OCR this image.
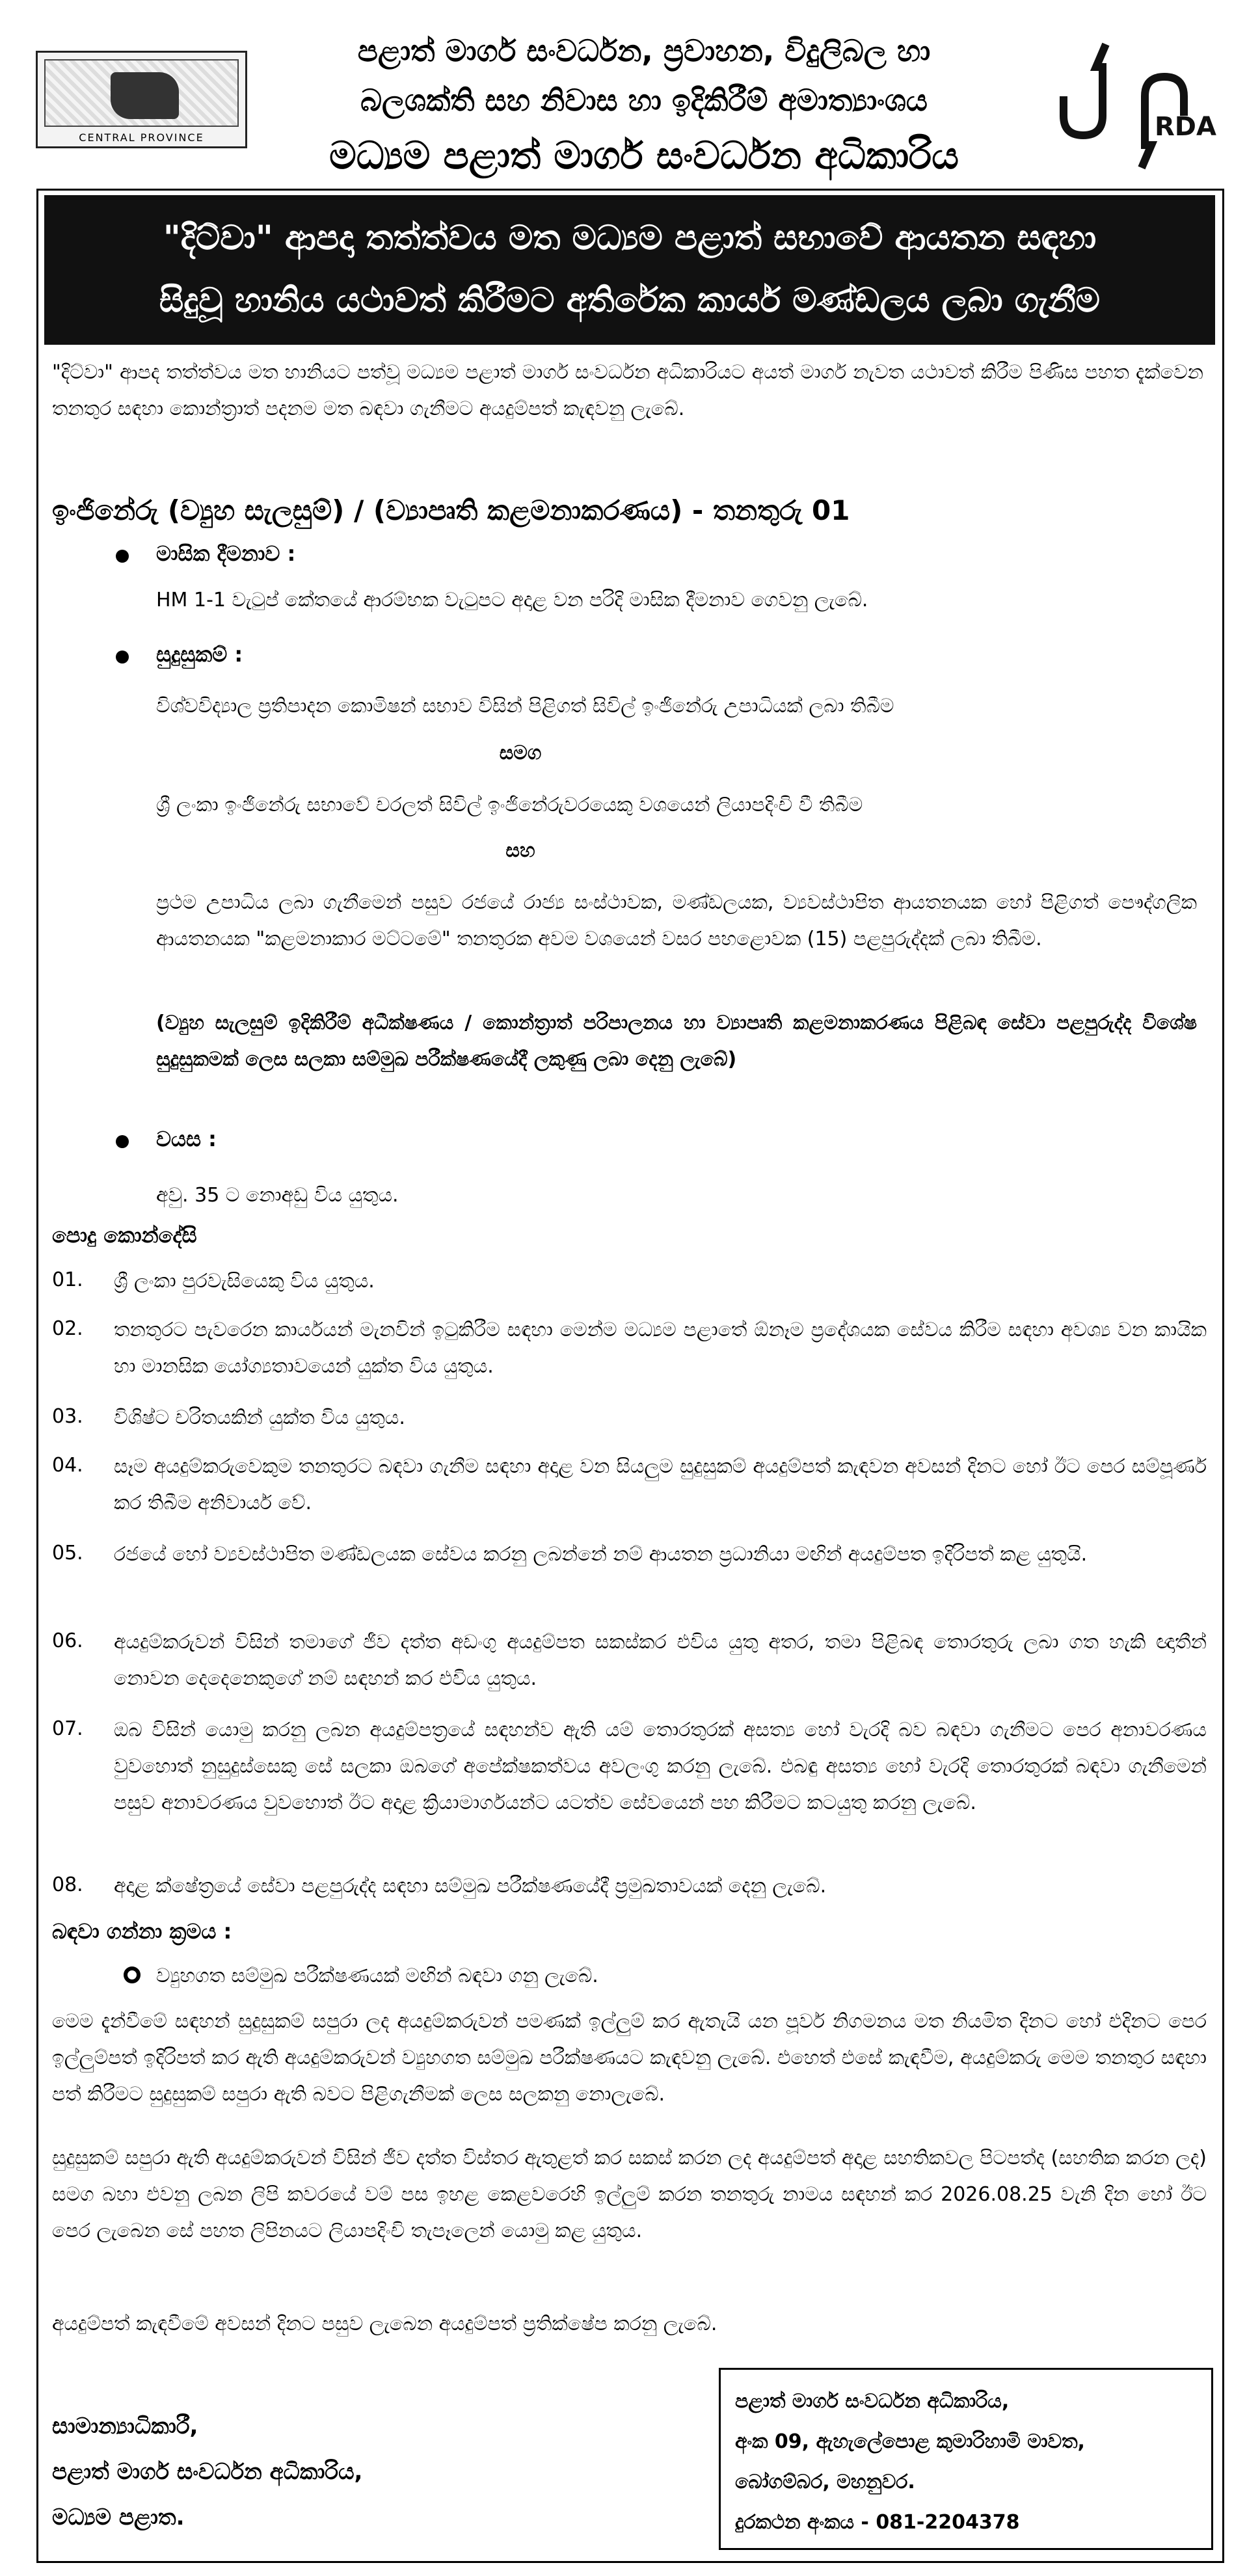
CENTRAL PROVINCE
පළාත් මාර්ග සංවර්ධන, ප්‍රවාහන, විදුලිබල හා
බලශක්ති සහ නිවාස හා ඉදිකිරීම් අමාත්‍යාංශය
මධ්‍යම පළාත් මාර්ග සංවර්ධන අධිකාරිය
RDA
"දිට්වා" ආපදා තත්ත්වය මත මධ්‍යම පළාත් සභාවේ ආයතන සඳහා
සිදුවූ හානිය යථාවත් කිරීමට අතිරේක කාර්ය මණ්ඩලය ලබා ගැනීම
"දිට්වා" ආපද තත්ත්වය මත හානියට පත්වූ මධ්‍යම පළාත් මාර්ග සංවර්ධන අධිකාරියට අයත් මාර්ග නැවත යථාවත් කිරීම පිණිස පහත දැක්වෙන තනතුර සඳහා කොන්ත්‍රාත් පදනම මත බඳවා ගැනීමට අයදුම්පත් කැඳවනු ලැබේ.
ඉංජිනේරු (ව්‍යුහ සැලසුම්) / (ව්‍යාපෘති කළමනාකරණය) - තනතුරු 01
මාසික දීමනාව :
HM 1-1 වැටුප් කේතයේ ආරම්භක වැටුපට අදාළ වන පරිදි මාසික දීමනාව ගෙවනු ලැබේ.
සුදුසුකම් :
විශ්වවිද්‍යාල ප්‍රතිපාදන කොමිෂන් සභාව විසින් පිළිගත් සිවිල් ඉංජිනේරු උපාධියක් ලබා තිබීම
සමග
ශ්‍රී ලංකා ඉංජිනේරු සභාවේ චරලත් සිවිල් ඉංජිනේරුවරයෙකු වශයෙන් ලියාපදිංචි වී තිබීම
සහ
ප්‍රථම උපාධිය ලබා ගැනීමෙන් පසුව රජයේ රාජ්‍ය සංස්ථාවක, මණ්ඩලයක, ව්‍යවස්ථාපිත ආයතනයක හෝ පිළිගත් පෞද්ගලික ආයතනයක "කළමනාකාර මට්ටමේ" තනතුරක අවම වශයෙන් වසර පහළොවක (15) පළපුරුද්දක් ලබා තිබීම.
(ව්‍යුහ සැලසුම් ඉදිකිරීම් අධීක්ෂණය / කොන්ත්‍රාත් පරිපාලනය හා ව්‍යාපෘති කළමනාකරණය පිළිබඳ සේවා පළපුරුද්ද විශේෂ සුදුසුකමක් ලෙස සලකා සම්මුඛ පරීක්ෂණයේදී ලකුණු ලබා දෙනු ලැබේ)
වයස :
අවු. 35 ට නොඅඩු විය යුතුය.
පොදු කොන්දේසි
01. ශ්‍රී ලංකා පුරවැසියෙකු විය යුතුය.
02. තනතුරට පැවරෙන කාර්යයන් මැනවින් ඉටුකිරීම සඳහා මෙන්ම මධ්‍යම පළාතේ ඕනෑම ප්‍රදේශයක සේවය කිරීම සඳහා අවශ්‍ය වන කායික හා මානසික යෝග්‍යතාවයෙන් යුක්ත විය යුතුය.
03. විශිෂ්ට චරිතයකින් යුක්ත විය යුතුය.
04. සෑම අයදුම්කරුවෙකුම තනතුරට බඳවා ගැනීම සඳහා අදාළ වන සියලුම සුදුසුකම් අයදුම්පත් කැඳවන අවසන් දිනට හෝ ඊට පෙර සම්පූර්ණ කර තිබීම අනිවාර්ය වේ.
05. රජයේ හෝ ව්‍යවස්ථාපිත මණ්ඩලයක සේවය කරනු ලබන්නේ නම් ආයතන ප්‍රධානියා මඟින් අයදුම්පත ඉදිරිපත් කළ යුතුයි.
06. අයදුම්කරුවන් විසින් තමාගේ ජීව දත්ත අඩංගු අයදුම්පත සකස්කර එවිය යුතු අතර, තමා පිළිබඳ තොරතුරු ලබා ගත හැකි ඥාතීන් නොවන දෙදෙනෙකුගේ නම් සඳහන් කර එවිය යුතුය.
07. ඔබ විසින් යොමු කරනු ලබන අයදුම්පත්‍රයේ සඳහන්ව ඇති යම් තොරතුරක් අසත්‍ය හෝ වැරදි බව බඳවා ගැනීමට පෙර අනාවරණය වුවහොත් නුසුදුස්සෙකු සේ සලකා ඔබගේ අපේක්ෂකත්වය අවලංගු කරනු ලැබේ. එබඳු අසත්‍ය හෝ වැරදි තොරතුරක් බඳවා ගැනීමෙන් පසුව අනාවරණය වුවහොත් ඊට අදාළ ක්‍රියාමාර්ගයන්ට යටත්ව සේවයෙන් පහ කිරීමට කටයුතු කරනු ලැබේ.
08. අදාළ ක්ෂේත්‍රයේ සේවා පළපුරුද්ද සඳහා සම්මුඛ පරීක්ෂණයේදී ප්‍රමුඛතාවයක් දෙනු ලැබේ.
බඳවා ගන්නා ක්‍රමය :
ව්‍යුහගත සම්මුඛ පරීක්ෂණයක් මඟින් බඳවා ගනු ලැබේ.
මෙම දැන්වීමේ සඳහන් සුදුසුකම් සපුරා ලද අයදුම්කරුවන් පමණක් ඉල්ලුම් කර ඇතැයි යන පූර්ව නිගමනය මත නියමිත දිනට හෝ එදිනට පෙර ඉල්ලුම්පත් ඉදිරිපත් කර ඇති අයදුම්කරුවන් ව්‍යුහගත සම්මුඛ පරීක්ෂණයට කැඳවනු ලැබේ. එහෙත් එසේ කැඳවීම, අයදුම්කරු මෙම තනතුර සඳහා පත් කිරීමට සුදුසුකම් සපුරා ඇති බවට පිළිගැනීමක් ලෙස සලකනු නොලැබේ.
සුදුසුකම් සපුරා ඇති අයදුම්කරුවන් විසින් ජීව දත්ත විස්තර ඇතුළත් කර සකස් කරන ලද අයදුම්පත් අදාළ සහතිකවල පිටපත්ද (සහතික කරන ලද) සමග බහා එවනු ලබන ලිපි කවරයේ වම් පස ඉහළ කෙළවරෙහි ඉල්ලුම් කරන තනතුරු නාමය සඳහන් කර 2026.08.25 වැනි දින හෝ ඊට පෙර ලැබෙන සේ පහත ලිපිනයට ලියාපදිංචි තැපෑලෙන් යොමු කළ යුතුය.
අයදුම්පත් කැඳවීමේ අවසන් දිනට පසුව ලැබෙන අයදුම්පත් ප්‍රතික්ෂේප කරනු ලැබේ.
සාමාන්‍යාධිකාරී,
පළාත් මාර්ග සංවර්ධන අධිකාරිය,
මධ්‍යම පළාත.
පළාත් මාර්ග සංවර්ධන අධිකාරිය,
අංක 09, ඇහැලේපොළ කුමාරිහාමි මාවත,
බෝගම්බර, මහනුවර.
දුරකථන අංකය - 081-2204378
